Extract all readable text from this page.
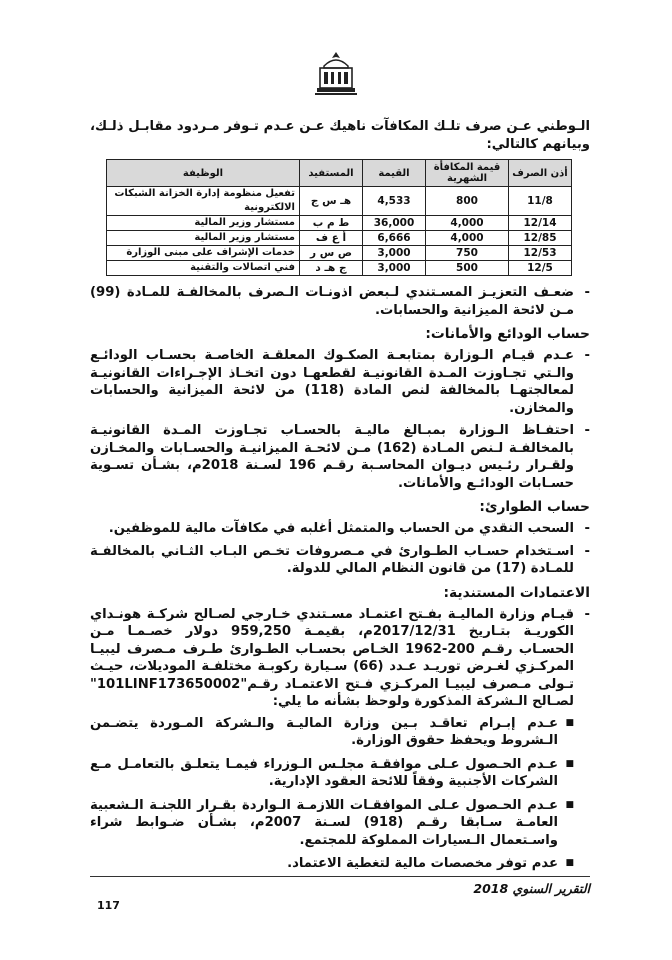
الـوطني عـن صرف تلـك المكافآت ناهيك عـن عـدم تـوفر مـردود مقابـل ذلـك، وبيانهم كالتالي:

أذن الصرف	قيمة المكافأة الشهرية	القيمة	المستفيد	الوظيفة
11/8	800	4,533	هـ س ج	تفعيل منظومة إدارة الخزانة الشبكات الالكترونية
12/14	4,000	36,000	ط م ب	مستشار وزير المالية
12/85	4,000	6,666	أ ع ف	مستشار وزير المالية
12/53	750	3,000	ص س ر	خدمات الإشراف على مبنى الوزارة
12/5	500	3,000	ج هـ د	فني اتصالات والتقنية
- ضعـف التعزيـز المسـتندي لـبعض اذونـات الـصرف بالمخالفـة للمـادة (99) مـن لائحة الميزانية والحسابات.
حساب الودائع والأمانات:
- عـدم قيـام الـوزارة بمتابعـة الصكـوك المعلقـة الخاصـة بحسـاب الودائـع والـتي تجـاوزت المـدة القانونيـة لقطعهـا دون اتخـاذ الإجـراءات القانونيـة لمعالجتهـا بالمخالفة لنص المادة (118) من لائحة الميزانية والحسابات والمخازن.
- احتفـاظ الـوزارة بمبـالغ ماليـة بالحسـاب تجـاوزت المـدة القانونيـة بالمخالفـة لـنص المـادة (162) مـن لائحـة الميزانيـة والحسـابات والمخـازن ولقـرار رئـيس ديـوان المحاسـبة رقـم 196 لسـنة 2018م، بشـأن تسـوية حسـابات الودائـع والأمانات.
حساب الطوارئ:
- السحب النقدي من الحساب والمتمثل أغلبه في مكافآت مالية للموظفين.
- اسـتخدام حسـاب الطـوارئ في مـصروفات تخـص البـاب الثـاني بالمخالفـة للمـادة (17) من قانون النظام المالي للدولة.
الاعتمادات المستندية:
- قيـام وزارة الماليـة بفـتح اعتمـاد مسـتندي خـارجي لصـالح شركـة هونـداي الكوريـة بتـاريخ 2017/12/31م، بقيمـة 959,250 دولار خصـمـا مـن الحسـاب رقـم 200-1962 الخـاص بحسـاب الطـوارئ طـرف مـصرف ليبيـا المركـزي لغـرض توريـد عـدد (66) سـيارة ركوبـة مختلفـة الموديلات، حيـث تـولى مـصرف ليبيـا المركـزي فـتح الاعتمـاد رقـم"101LINF173650002" لصـالح الـشركة المذكورة ولوحظ بشأنه ما يلي:
■ عـدم إبـرام تعاقـد بـين وزارة الماليـة والـشركة المـوردة يتضـمن الـشروط ويحفظ حقوق الوزارة.
■ عـدم الحـصول عـلى موافقـة مجلـس الـوزراء فيمـا يتعلـق بالتعامـل مـع الشركات الأجنبية وفقاً للائحة العقود الإدارية.
■ عـدم الحـصول عـلى الموافقـات اللازمـة الـواردة بقـرار اللجنـة الـشعبية العامـة سـابقا رقـم (918) لسـنة 2007م، بشـأن ضـوابط شراء واسـتعمال الـسيارات المملوكة للمجتمع.
■ عدم توفر مخصصات مالية لتغطية الاعتماد.
التقرير السنوي 2018
117
